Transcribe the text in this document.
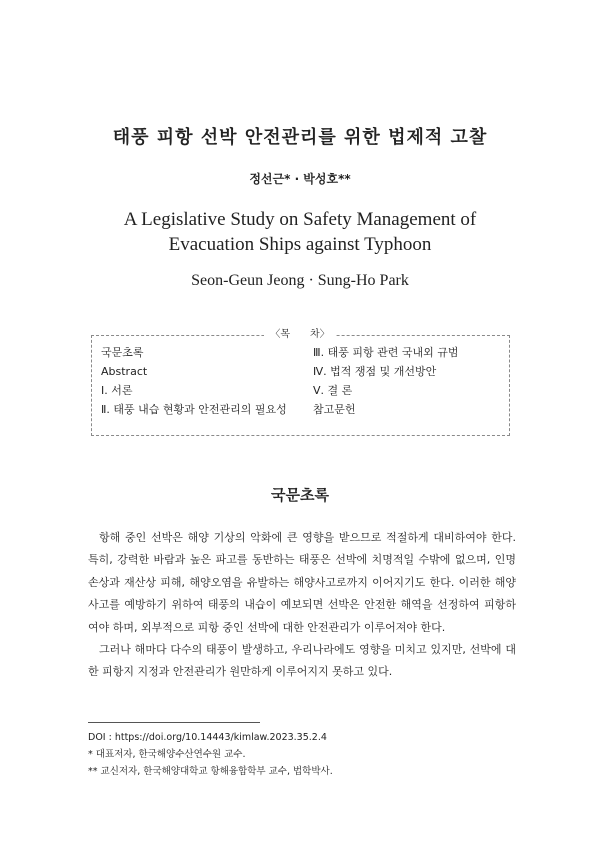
태풍 피항 선박 안전관리를 위한 법제적 고찰
정선근* · 박성호**
A Legislative Study on Safety Management of
Evacuation Ships against Typhoon
Seon-Geun Jeong · Sung-Ho Park
〈목　　차〉
국문초록
Abstract
Ⅰ. 서론
Ⅱ. 태풍 내습 현황과 안전관리의 필요성
Ⅲ. 태풍 피항 관련 국내외 규범
Ⅳ. 법적 쟁점 및 개선방안
Ⅴ. 결 론
참고문헌
국문초록

항해 중인 선박은 해양 기상의 악화에 큰 영향을 받으므로 적절하게 대비하여야 한다. 특히, 강력한 바람과 높은 파고를 동반하는 태풍은 선박에 치명적일 수밖에 없으며, 인명 손상과 재산상 피해, 해양오염을 유발하는 해양사고로까지 이어지기도 한다. 이러한 해양사고를 예방하기 위하여 태풍의 내습이 예보되면 선박은 안전한 해역을 선정하여 피항하여야 하며, 외부적으로 피항 중인 선박에 대한 안전관리가 이루어져야 한다.

그러나 해마다 다수의 태풍이 발생하고, 우리나라에도 영향을 미치고 있지만, 선박에 대한 피항지 지정과 안전관리가 원만하게 이루어지지 못하고 있다.

DOI : https://doi.org/10.14443/kimlaw.2023.35.2.4
* 대표저자, 한국해양수산연수원 교수.
** 교신저자, 한국해양대학교 항해융합학부 교수, 법학박사.
